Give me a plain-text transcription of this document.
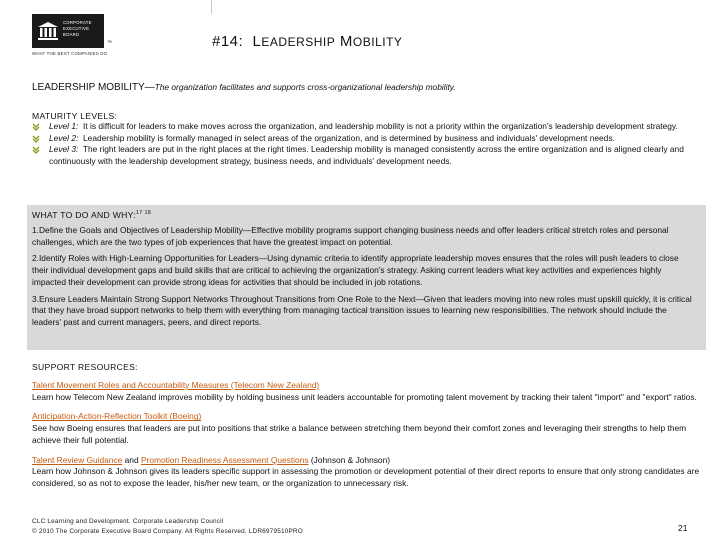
CORPORATE
EXECUTIVE
BOARD
™
WHAT THE BEST COMPANIES DO
#14: LEADERSHIP MOBILITY
LEADERSHIP MOBILITY—The organization facilitates and supports cross-organizational leadership mobility.
MATURITY LEVELS:
Level 1: It is difficult for leaders to make moves across the organization, and leadership mobility is not a priority within the organization's leadership development strategy.
Level 2: Leadership mobility is formally managed in select areas of the organization, and is determined by business and individuals' development needs.
Level 3: The right leaders are put in the right places at the right times. Leadership mobility is managed consistently across the entire organization and is aligned clearly and continuously with the leadership development strategy, business needs, and individuals' development needs.
WHAT TO DO AND WHY:$^{17 18}$
1.Define the Goals and Objectives of Leadership Mobility—Effective mobility programs support changing business needs and offer leaders critical stretch roles and personal challenges, which are the two types of job experiences that have the greatest impact on potential.
2.Identify Roles with High-Learning Opportunities for Leaders—Using dynamic criteria to identify appropriate leadership moves ensures that the roles will push leaders to close their individual development gaps and build skills that are critical to achieving the organization's strategy. Asking current leaders what key activities and experiences highly impacted their development can provide strong ideas for activities that should be included in job rotations.
3.Ensure Leaders Maintain Strong Support Networks Throughout Transitions from One Role to the Next—Given that leaders moving into new roles must upskill quickly, it is critical that they have broad support networks to help them with everything from managing tactical transition issues to learning new responsibilities. The network should include the leaders' past and current managers, peers, and direct reports.
SUPPORT RESOURCES:
Talent Movement Roles and Accountability Measures (Telecom New Zealand)
Learn how Telecom New Zealand improves mobility by holding business unit leaders accountable for promoting talent movement by tracking their talent "import" and "export" ratios.
Anticipation-Action-Reflection Toolkit (Boeing)
See how Boeing ensures that leaders are put into positions that strike a balance between stretching them beyond their comfort zones and leveraging their strengths to help them achieve their full potential.
Talent Review Guidance and Promotion Readiness Assessment Questions (Johnson & Johnson)
Learn how Johnson & Johnson gives its leaders specific support in assessing the promotion or development potential of their direct reports to ensure that only strong candidates are considered, so as not to expose the leader, his/her new team, or the organization to unnecessary risk.
CLC Learning and Development. Corporate Leadership Council
© 2010 The Corporate Executive Board Company. All Rights Reserved. LDR6979510PRO	21
